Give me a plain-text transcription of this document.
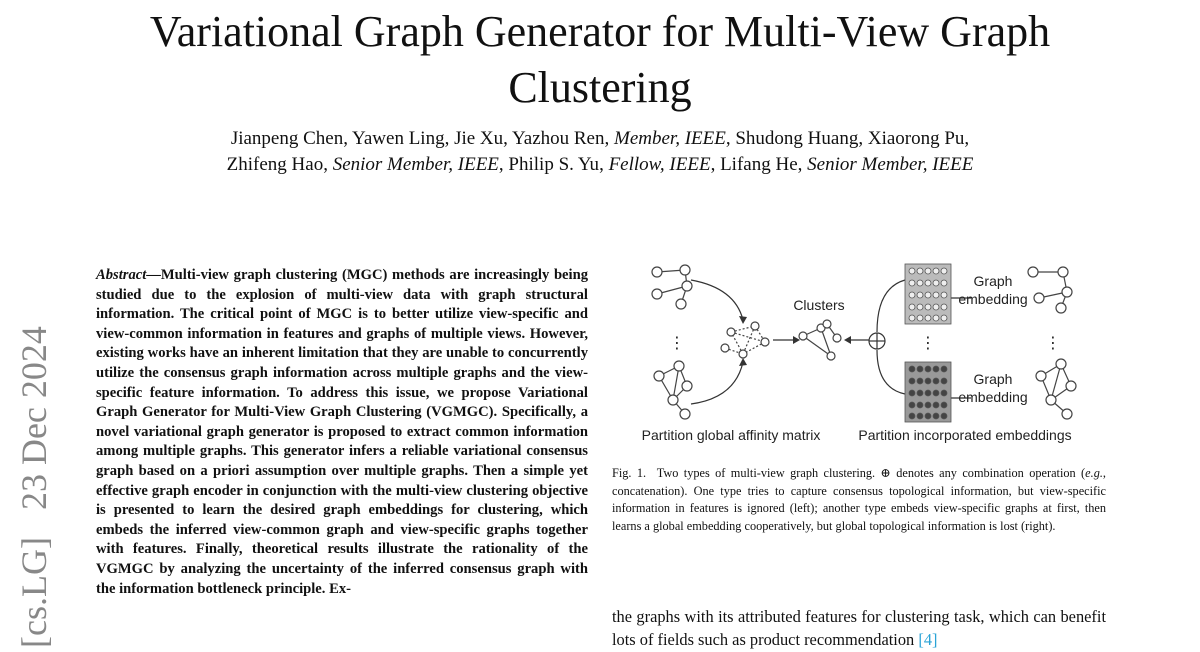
Variational Graph Generator for Multi-View Graph Clustering
Jianpeng Chen, Yawen Ling, Jie Xu, Yazhou Ren, Member, IEEE, Shudong Huang, Xiaorong Pu,
Zhifeng Hao, Senior Member, IEEE, Philip S. Yu, Fellow, IEEE, Lifang He, Senior Member, IEEE
[cs.LG]   23 Dec 2024
Abstract—Multi-view graph clustering (MGC) methods are increasingly being studied due to the explosion of multi-view data with graph structural information. The critical point of MGC is to better utilize view-specific and view-common information in features and graphs of multiple views. However, existing works have an inherent limitation that they are unable to concurrently utilize the consensus graph information across multiple graphs and the view-specific feature information. To address this issue, we propose Variational Graph Generator for Multi-View Graph Clustering (VGMGC). Specifically, a novel variational graph generator is proposed to extract common information among multiple graphs. This generator infers a reliable variational consensus graph based on a priori assumption over multiple graphs. Then a simple yet effective graph encoder in conjunction with the multi-view clustering objective is presented to learn the desired graph embeddings for clustering, which embeds the inferred view-common graph and view-specific graphs together with features. Finally, theoretical results illustrate the rationality of the VGMGC by analyzing the uncertainty of the inferred consensus graph with the information bottleneck principle. Ex-
Clusters
Graph
embedding
Graph
embedding
⋮	⋮	⋮
Partition global affinity matrix	Partition incorporated embeddings
Fig. 1. Two types of multi-view graph clustering. ⊕ denotes any combination operation (e.g., concatenation). One type tries to capture consensus topological information, but view-specific information in features is ignored (left); another type embeds view-specific graphs at first, then learns a global embedding cooperatively, but global topological information is lost (right).
the graphs with its attributed features for clustering task, which can benefit lots of fields such as product recommendation [4]
